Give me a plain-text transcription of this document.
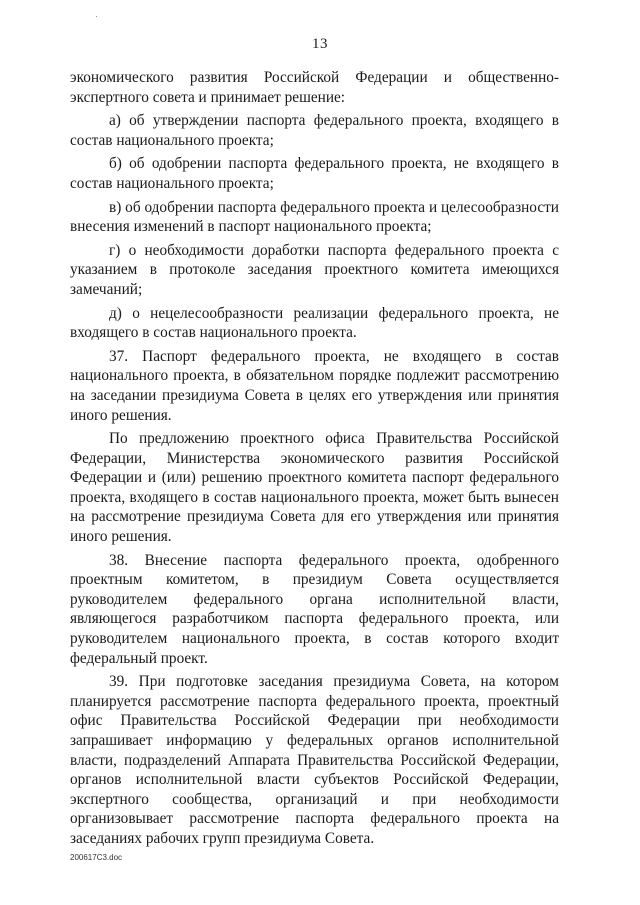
13

экономического развития Российской Федерации и общественно-экспертного совета и принимает решение:

а) об утверждении паспорта федерального проекта, входящего в состав национального проекта;

б) об одобрении паспорта федерального проекта, не входящего в состав национального проекта;

в) об одобрении паспорта федерального проекта и целесообразности внесения изменений в паспорт национального проекта;

г) о необходимости доработки паспорта федерального проекта с указанием в протоколе заседания проектного комитета имеющихся замечаний;

д) о нецелесообразности реализации федерального проекта, не входящего в состав национального проекта.

37. Паспорт федерального проекта, не входящего в состав национального проекта, в обязательном порядке подлежит рассмотрению на заседании президиума Совета в целях его утверждения или принятия иного решения.

По предложению проектного офиса Правительства Российской Федерации, Министерства экономического развития Российской Федерации и (или) решению проектного комитета паспорт федерального проекта, входящего в состав национального проекта, может быть вынесен на рассмотрение президиума Совета для его утверждения или принятия иного решения.

38. Внесение паспорта федерального проекта, одобренного проектным комитетом, в президиум Совета осуществляется руководителем федерального органа исполнительной власти, являющегося разработчиком паспорта федерального проекта, или руководителем национального проекта, в состав которого входит федеральный проект.

39. При подготовке заседания президиума Совета, на котором планируется рассмотрение паспорта федерального проекта, проектный офис Правительства Российской Федерации при необходимости запрашивает информацию у федеральных органов исполнительной власти, подразделений Аппарата Правительства Российской Федерации, органов исполнительной власти субъектов Российской Федерации, экспертного сообщества, организаций и при необходимости организовывает рассмотрение паспорта федерального проекта на заседаниях рабочих групп президиума Совета.

200617C3.doc
